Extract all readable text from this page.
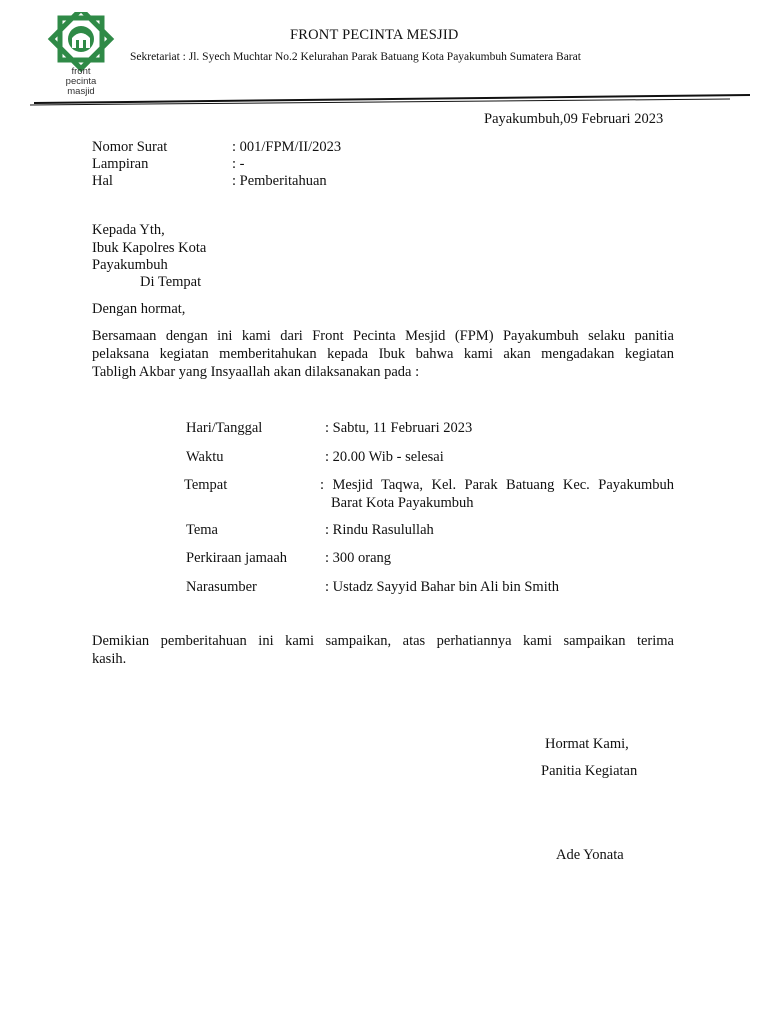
front
pecinta
masjid
FRONT PECINTA MESJID
Sekretariat : Jl. Syech Muchtar No.2 Kelurahan Parak Batuang Kota Payakumbuh Sumatera Barat
Payakumbuh,09 Februari 2023
Nomor Surat	: 001/FPM/II/2023
Lampiran	: -
Hal	: Pemberitahuan
Kepada Yth,
Ibuk Kapolres Kota
Payakumbuh
Di Tempat
Dengan hormat,
Bersamaan dengan ini kami dari Front Pecinta Mesjid (FPM) Payakumbuh selaku panitia
pelaksana kegiatan memberitahukan kepada Ibuk bahwa kami akan mengadakan kegiatan
Tabligh Akbar yang Insyaallah akan dilaksanakan pada :
Hari/Tanggal	: Sabtu, 11 Februari 2023
Waktu	: 20.00 Wib - selesai
Tempat	: Mesjid Taqwa, Kel. Parak Batuang Kec. Payakumbuh
Barat Kota Payakumbuh
Tema	: Rindu Rasulullah
Perkiraan jamaah	: 300 orang
Narasumber	: Ustadz Sayyid Bahar bin Ali bin Smith
Demikian pemberitahuan ini kami sampaikan, atas perhatiannya kami sampaikan terima
kasih.
Hormat Kami,
Panitia Kegiatan
Ade Yonata
